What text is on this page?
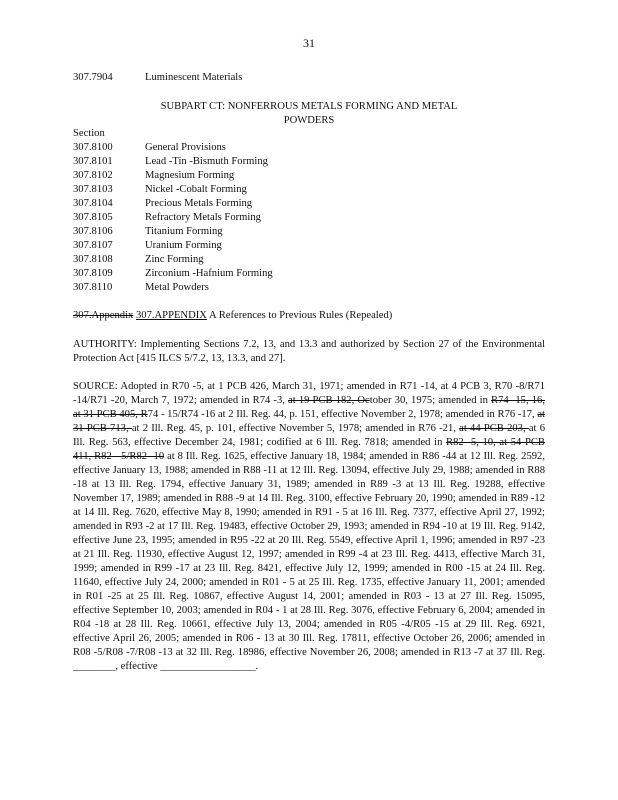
31
307.7904	Luminescent Materials
SUBPART CT: NONFERROUS METALS FORMING AND METAL
POWDERS
Section
307.8100	General Provisions
307.8101	Lead -Tin -Bismuth Forming
307.8102	Magnesium Forming
307.8103	Nickel -Cobalt Forming
307.8104	Precious Metals Forming
307.8105	Refractory Metals Forming
307.8106	Titanium Forming
307.8107	Uranium Forming
307.8108	Zinc Forming
307.8109	Zirconium -Hafnium Forming
307.8110	Metal Powders
307.Appendix 307.APPENDIX A References to Previous Rules (Repealed)
AUTHORITY: Implementing Sections 7.2, 13, and 13.3 and authorized by Section 27 of the Environmental Protection Act [415 ILCS 5/7.2, 13, 13.3, and 27].
SOURCE: Adopted in R70 -5, at 1 PCB 426, March 31, 1971; amended in R71 -14, at 4 PCB 3, R70 -8/R71 -14/R71 -20, March 7, 1972; amended in R74 -3, at 19 PCB 182, October 30, 1975; amended in R74 -15, 16, at 31 PCB 405, R74 - 15/R74 -16 at 2 Ill. Reg. 44, p. 151, effective November 2, 1978; amended in R76 -17, at 31 PCB 713, at 2 Ill. Reg. 45, p. 101, effective November 5, 1978; amended in R76 -21, at 44 PCB 203, at 6 Ill. Reg. 563, effective December 24, 1981; codified at 6 Ill. Reg. 7818; amended in R82 -5, 10, at 54 PCB 411, R82 - 5/R82 -10 at 8 Ill. Reg. 1625, effective January 18, 1984; amended in R86 -44 at 12 Ill. Reg. 2592, effective January 13, 1988; amended in R88 -11 at 12 Ill. Reg. 13094, effective July 29, 1988; amended in R88 -18 at 13 Ill. Reg. 1794, effective January 31, 1989; amended in R89 -3 at 13 Ill. Reg. 19288, effective November 17, 1989; amended in R88 -9 at 14 Ill. Reg. 3100, effective February 20, 1990; amended in R89 -12 at 14 Ill. Reg. 7620, effective May 8, 1990; amended in R91 - 5 at 16 Ill. Reg. 7377, effective April 27, 1992; amended in R93 -2 at 17 Ill. Reg. 19483, effective October 29, 1993; amended in R94 -10 at 19 Ill. Reg. 9142, effective June 23, 1995; amended in R95 -22 at 20 Ill. Reg. 5549, effective April 1, 1996; amended in R97 -23 at 21 Ill. Reg. 11930, effective August 12, 1997; amended in R99 -4 at 23 Ill. Reg. 4413, effective March 31, 1999; amended in R99 -17 at 23 Ill. Reg. 8421, effective July 12, 1999; amended in R00 -15 at 24 Ill. Reg. 11640, effective July 24, 2000; amended in R01 - 5 at 25 Ill. Reg. 1735, effective January 11, 2001; amended in R01 -25 at 25 Ill. Reg. 10867, effective August 14, 2001; amended in R03 - 13 at 27 Ill. Reg. 15095, effective September 10, 2003; amended in R04 - 1 at 28 Ill. Reg. 3076, effective February 6, 2004; amended in R04 -18 at 28 Ill. Reg. 10661, effective July 13, 2004; amended in R05 -4/R05 -15 at 29 Ill. Reg. 6921, effective April 26, 2005; amended in R06 - 13 at 30 Ill. Reg. 17811, effective October 26, 2006; amended in R08 -5/R08 -7/R08 -13 at 32 Ill. Reg. 18986, effective November 26, 2008; amended in R13 -7 at 37 Ill. Reg. ________, effective __________________.
